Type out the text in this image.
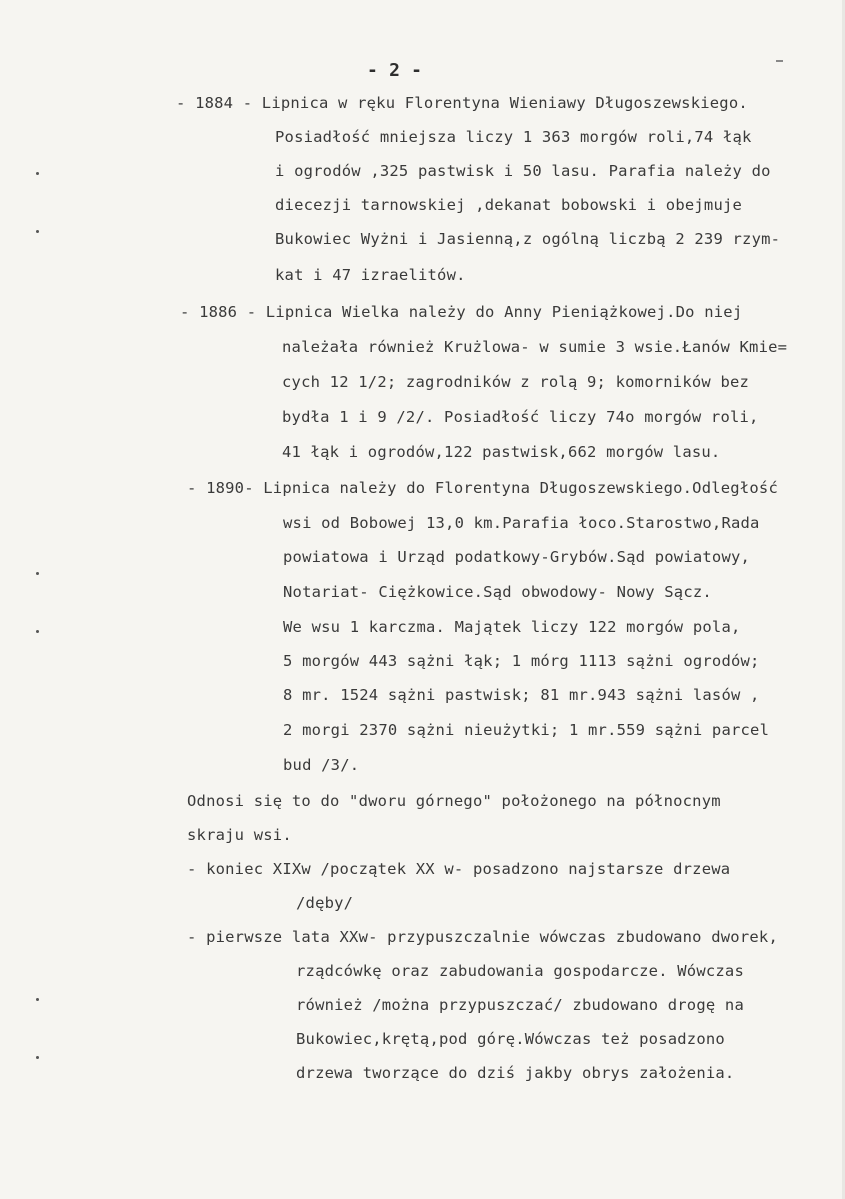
- 2 -
- 1884 - Lipnica w ręku Florentyna Wieniawy Długoszewskiego.
Posiadłość mniejsza liczy 1 363 morgów roli,74 łąk
i ogrodów ,325 pastwisk i 50 lasu. Parafia należy do
diecezji tarnowskiej ,dekanat bobowski i obejmuje
Bukowiec Wyżni i Jasienną,z ogólną liczbą 2 239 rzym-
kat i 47 izraelitów.
- 1886 - Lipnica Wielka należy do Anny Pieniążkowej.Do niej
należała również Krużlowa- w sumie 3 wsie.Łanów Kmie=
cych 12 1/2; zagrodników z rolą 9; komorników bez
bydła 1 i 9 /2/. Posiadłość liczy 74o morgów roli,
41 łąk i ogrodów,122 pastwisk,662 morgów lasu.
- 1890- Lipnica należy do Florentyna Długoszewskiego.Odległość
wsi od Bobowej 13,0 km.Parafia łoco.Starostwo,Rada
powiatowa i Urząd podatkowy-Grybów.Sąd powiatowy,
Notariat- Ciężkowice.Sąd obwodowy- Nowy Sącz.
We wsu 1 karczma. Majątek liczy 122 morgów pola,
5 morgów 443 sążni łąk; 1 mórg 1113 sążni ogrodów;
8 mr. 1524 sążni pastwisk; 81 mr.943 sążni lasów ,
2 morgi 2370 sążni nieużytki; 1 mr.559 sążni parcel
bud /3/.
Odnosi się to do "dworu górnego" położonego na północnym
skraju wsi.
- koniec XIXw /początek XX w- posadzono najstarsze drzewa
/dęby/
- pierwsze lata XXw- przypuszczalnie wówczas zbudowano dworek,
rządcówkę oraz zabudowania gospodarcze. Wówczas
również /można przypuszczać/ zbudowano drogę na
Bukowiec,krętą,pod górę.Wówczas też posadzono
drzewa tworzące do dziś jakby obrys założenia.
